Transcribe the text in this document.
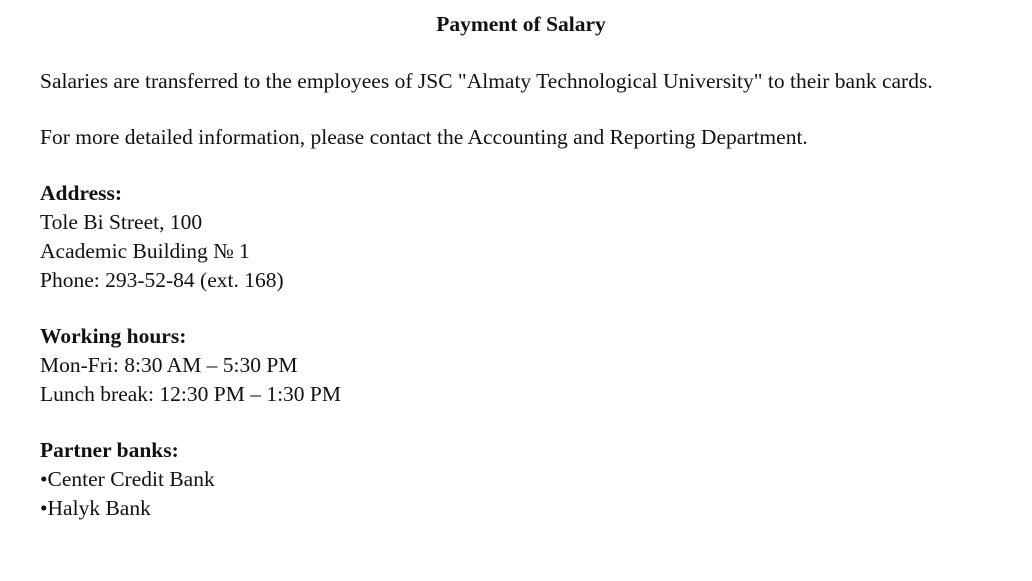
Payment of Salary

Salaries are transferred to the employees of JSC "Almaty Technological University" to their bank cards.

For more detailed information, please contact the Accounting and Reporting Department.

Address:
Tole Bi Street, 100
Academic Building № 1
Phone: 293-52-84 (ext. 168)
Working hours:
Mon-Fri: 8:30 AM – 5:30 PM
Lunch break: 12:30 PM – 1:30 PM
Partner banks:
•Center Credit Bank
•Halyk Bank
